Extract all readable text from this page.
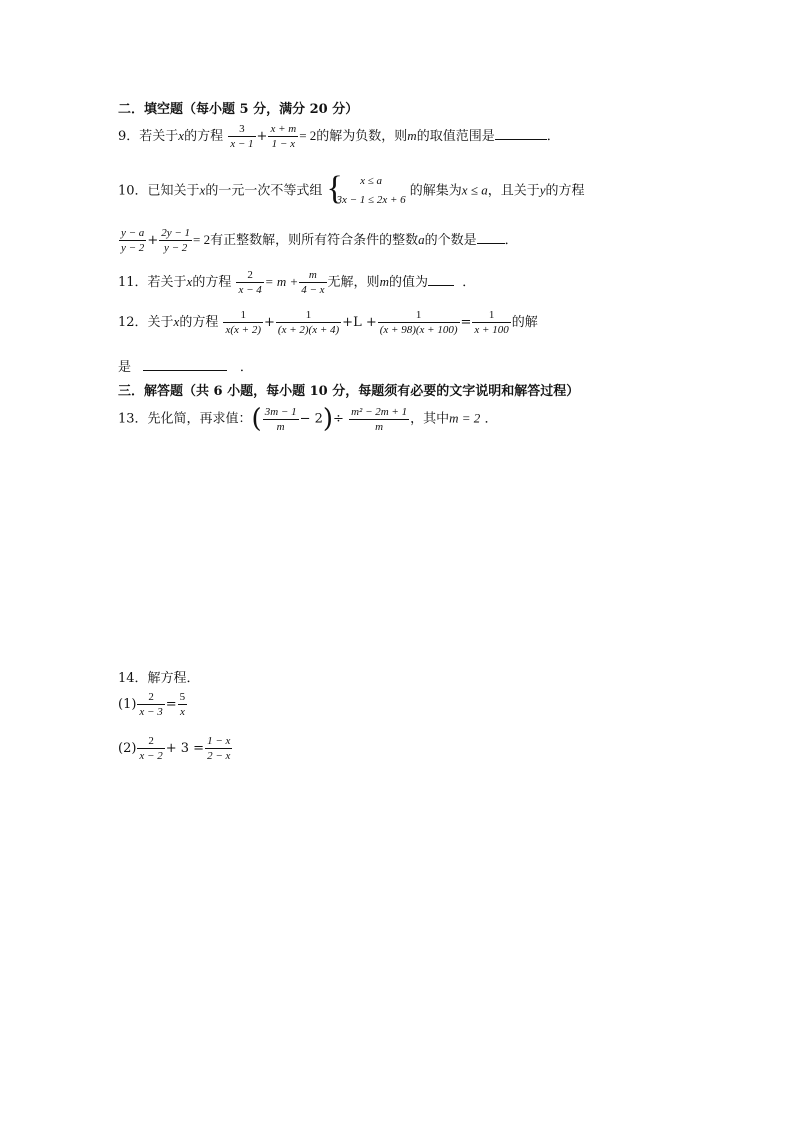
二．填空题（每小题 5 分，满分 20 分）
9．若关于x的方程 $\frac{3}{x - 1} + \frac{x + m}{1 - x} = 2$的解为负数，则m的取值范围是	．
10．已知关于x的一元一次不等式组 {	x ≤ a
3x − 1 ≤ 2x + 6
的解集为x ≤ a，且关于y的方程
$\frac{y - a}{y - 2} + \frac{2y - 1}{y - 2} = 2$有正整数解，则所有符合条件的整数a的个数是 ．
11．若关于x的方程 $\frac{2}{x - 4} = m + \frac{m}{4 - x}$ 无解，则m的值为	．
12．关于x的方程 $\frac{1}{x(x + 2)} + \frac{1}{(x + 2)(x + 4)} +L + \frac{1}{(x + 98)(x + 100)} = \frac{1}{x + 100}$ 的解
是	．
三．解答题（共 6 小题，每小题 10 分，每题须有必要的文字说明和解答过程）
13．先化简，再求值：( $\frac{3m - 1}{m} - 2)\div \frac{\text{m² − 2m + 1}}{m}$ ，其中m = 2 ．
14．解方程．
$(1) \frac{2}{x - 3} = \frac{5}{x}$
$(2) \frac{2}{x - 2} + 3 = \frac{1 - x}{2 - x}$
